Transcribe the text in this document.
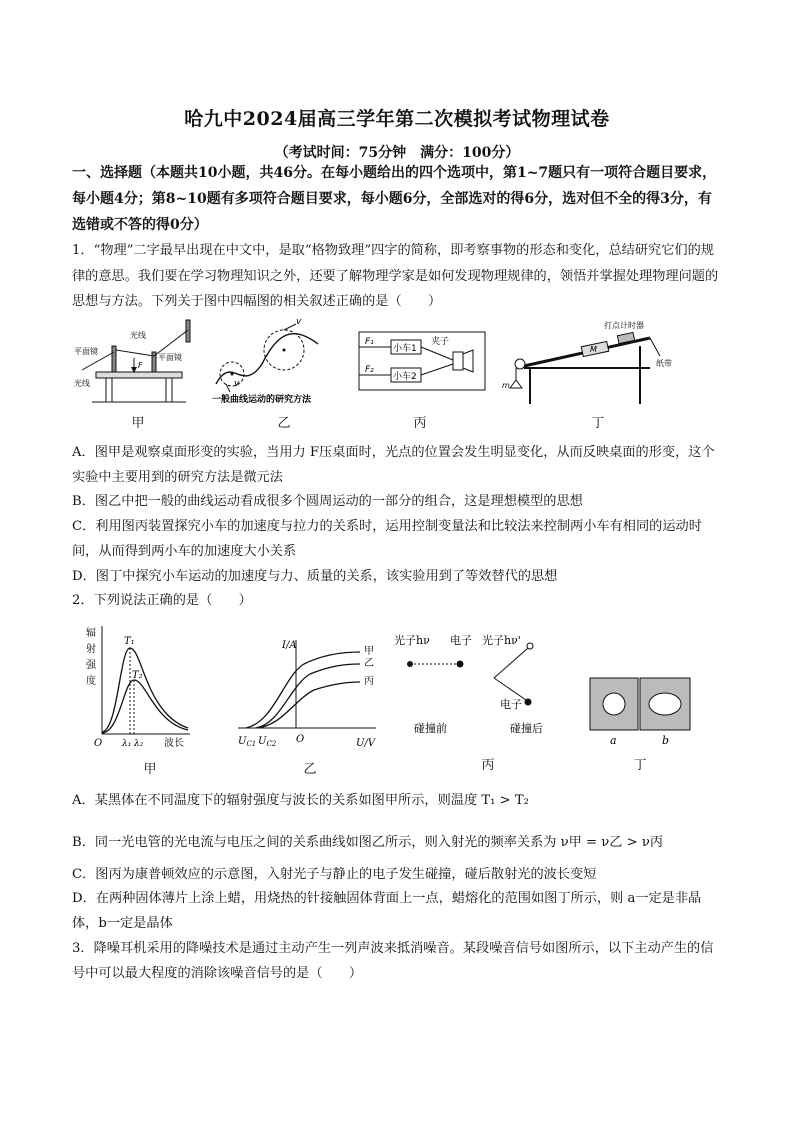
哈九中2024届高三学年第二次模拟考试物理试卷
（考试时间：75分钟　满分：100分）
一、选择题（本题共10小题，共46分。在每小题给出的四个选项中，第1~7题只有一项符合题目要求，每小题4分；第8~10题有多项符合题目要求，每小题6分，全部选对的得6分，选对但不全的得3分，有选错或不答的得0分）
1．“物理”二字最早出现在中文中，是取“格物致理”四字的简称，即考察事物的形态和变化，总结研究它们的规律的意思。我们要在学习物理知识之外，还要了解物理学家是如何发现物理规律的，领悟并掌握处理物理问题的思想与方法。下列关于图中四幅图的相关叙述正确的是（　　）
光线
光线
平面镜
平面镜
F
v
v
一般曲线运动的研究方法
F₁
F₂
小车1
小车2
夹子
打点计时器
纸带
M
m
甲	乙	丙	丁
A．图甲是观察桌面形变的实验，当用力 F压桌面时，光点的位置会发生明显变化，从而反映桌面的形变，这个实验中主要用到的研究方法是微元法
B．图乙中把一般的曲线运动看成很多个圆周运动的一部分的组合，这是理想模型的思想
C．利用图丙装置探究小车的加速度与拉力的关系时，运用控制变量法和比较法来控制两小车有相同的运动时间，从而得到两小车的加速度大小关系
D．图丁中探究小车运动的加速度与力、质量的关系，该实验用到了等效替代的思想
2．下列说法正确的是（　　）
辐
射
强
度
T₁
T₂
O λ₁ λ₂ 波长
I/A
U/V
O
$U_{C1}$ $U_{C2}$
甲
乙
丙
光子hν 电子 光子hν'
电子
碰撞前	碰撞后
a	b
甲	乙	丙	丁
A．某黑体在不同温度下的辐射强度与波长的关系如图甲所示，则温度 T₁ > T₂
B．同一光电管的光电流与电压之间的关系曲线如图乙所示，则入射光的频率关系为 ν甲 = ν乙 > ν丙
C．图丙为康普顿效应的示意图，入射光子与静止的电子发生碰撞，碰后散射光的波长变短
D．在两种固体薄片上涂上蜡，用烧热的针接触固体背面上一点，蜡熔化的范围如图丁所示，则 a一定是非晶体，b一定是晶体
3．降噪耳机采用的降噪技术是通过主动产生一列声波来抵消噪音。某段噪音信号如图所示，以下主动产生的信号中可以最大程度的消除该噪音信号的是（　　）
